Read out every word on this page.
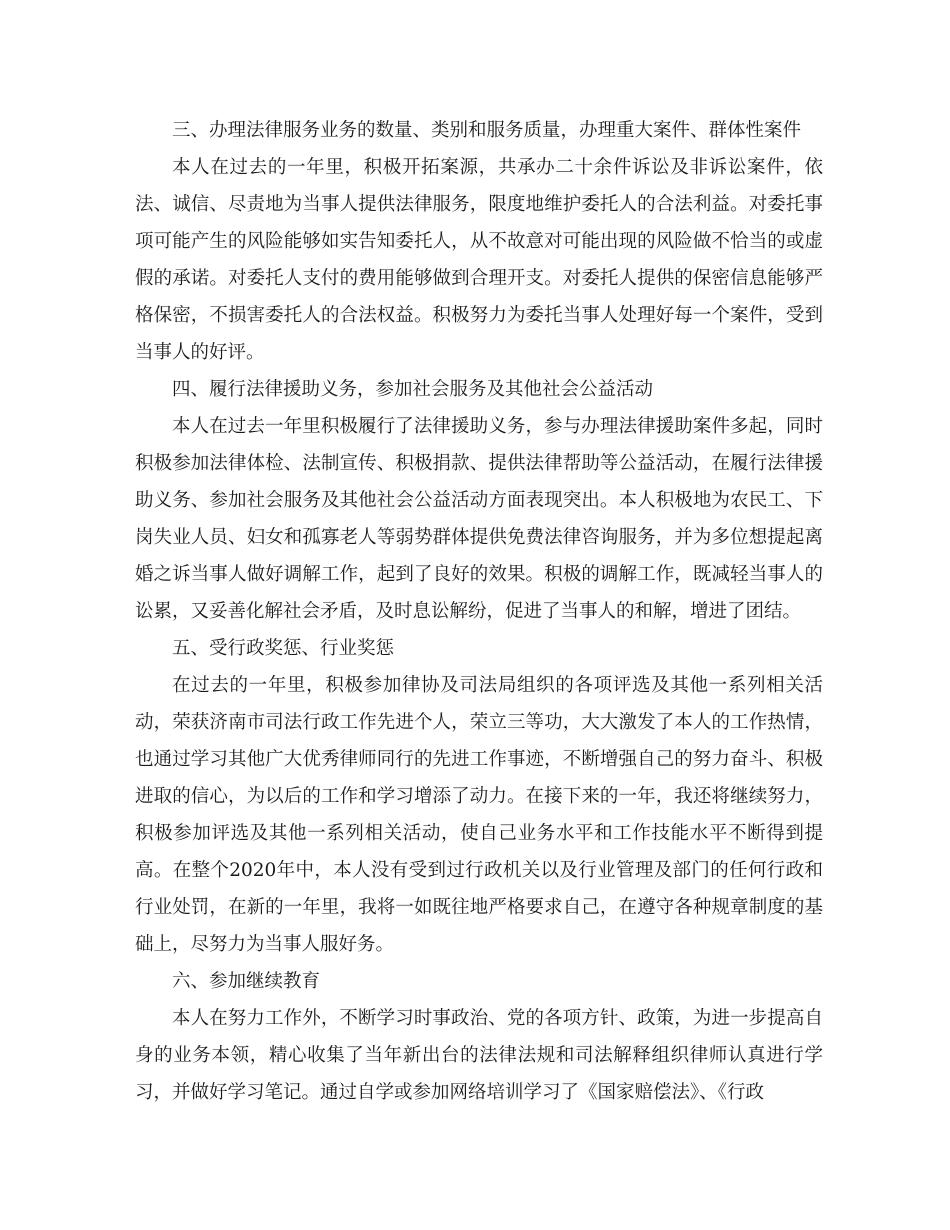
三、办理法律服务业务的数量、类别和服务质量，办理重大案件、群体性案件

本人在过去的一年里，积极开拓案源，共承办二十余件诉讼及非诉讼案件，依法、诚信、尽责地为当事人提供法律服务，限度地维护委托人的合法利益。对委托事项可能产生的风险能够如实告知委托人，从不故意对可能出现的风险做不恰当的或虚假的承诺。对委托人支付的费用能够做到合理开支。对委托人提供的保密信息能够严格保密，不损害委托人的合法权益。积极努力为委托当事人处理好每一个案件，受到当事人的好评。

四、履行法律援助义务，参加社会服务及其他社会公益活动

本人在过去一年里积极履行了法律援助义务，参与办理法律援助案件多起，同时积极参加法律体检、法制宣传、积极捐款、提供法律帮助等公益活动，在履行法律援助义务、参加社会服务及其他社会公益活动方面表现突出。本人积极地为农民工、下岗失业人员、妇女和孤寡老人等弱势群体提供免费法律咨询服务，并为多位想提起离婚之诉当事人做好调解工作，起到了良好的效果。积极的调解工作，既减轻当事人的讼累，又妥善化解社会矛盾，及时息讼解纷，促进了当事人的和解，增进了团结。

五、受行政奖惩、行业奖惩

在过去的一年里，积极参加律协及司法局组织的各项评选及其他一系列相关活动，荣获济南市司法行政工作先进个人，荣立三等功，大大激发了本人的工作热情，也通过学习其他广大优秀律师同行的先进工作事迹，不断增强自己的努力奋斗、积极进取的信心，为以后的工作和学习增添了动力。在接下来的一年，我还将继续努力，积极参加评选及其他一系列相关活动，使自己业务水平和工作技能水平不断得到提高。在整个2020年中，本人没有受到过行政机关以及行业管理及部门的任何行政和行业处罚，在新的一年里，我将一如既往地严格要求自己，在遵守各种规章制度的基础上，尽努力为当事人服好务。

六、参加继续教育

本人在努力工作外，不断学习时事政治、党的各项方针、政策，为进一步提高自身的业务本领，精心收集了当年新出台的法律法规和司法解释组织律师认真进行学习，并做好学习笔记。通过自学或参加网络培训学习了《国家赔偿法》、《行政
